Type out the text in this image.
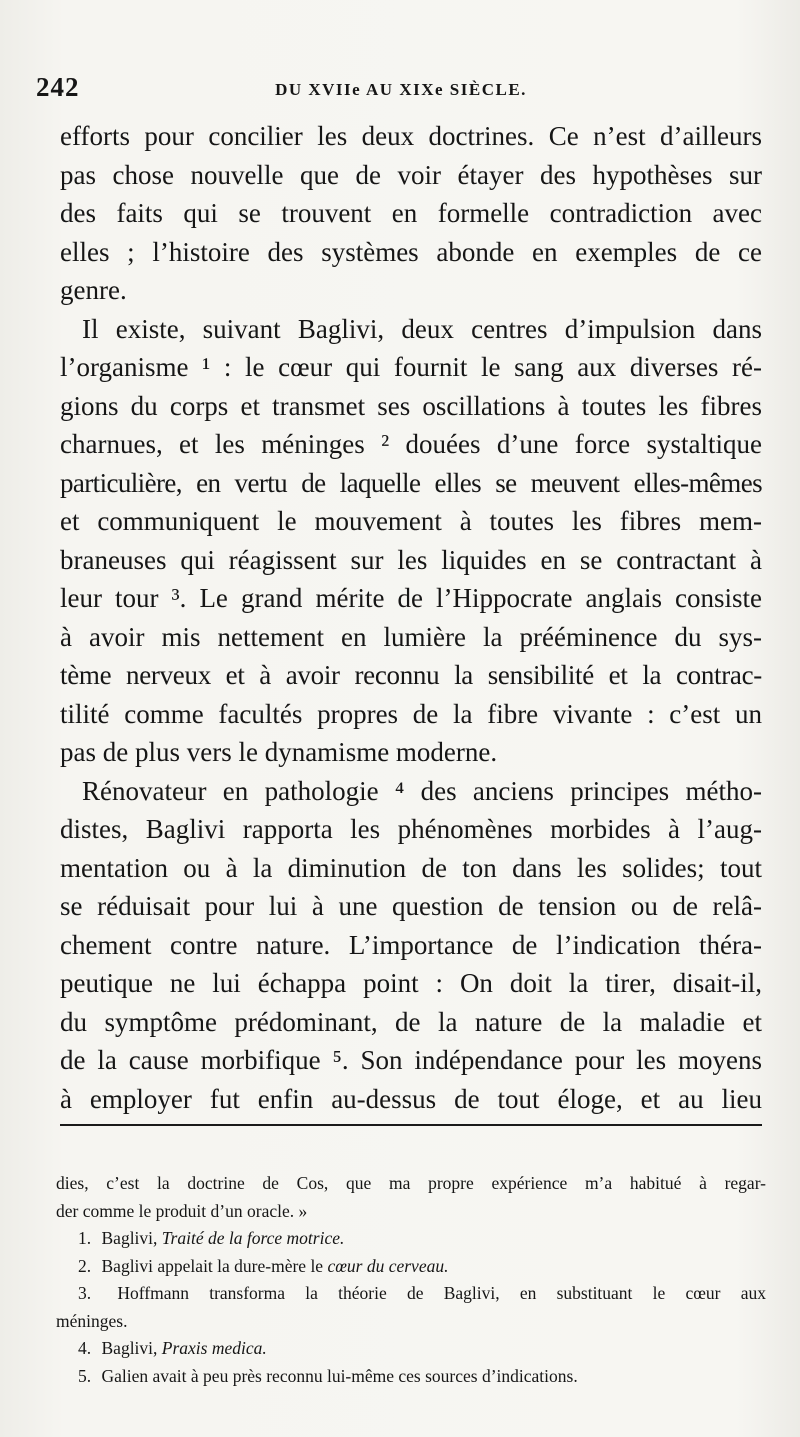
242	DU XVIIe AU XIXe SIÈCLE.
efforts pour concilier les deux doctrines. Ce n’est d’ailleurs
pas chose nouvelle que de voir étayer des hypothèses sur
des faits qui se trouvent en formelle contradiction avec
elles ; l’histoire des systèmes abonde en exemples de ce
genre.
Il existe, suivant Baglivi, deux centres d’impulsion dans
l’organisme ¹ : le cœur qui fournit le sang aux diverses ré-
gions du corps et transmet ses oscillations à toutes les fibres
charnues, et les méninges ² douées d’une force systaltique
particulière, en vertu de laquelle elles se meuvent elles-mêmes
et communiquent le mouvement à toutes les fibres mem-
braneuses qui réagissent sur les liquides en se contractant à
leur tour ³. Le grand mérite de l’Hippocrate anglais consiste
à avoir mis nettement en lumière la prééminence du sys-
tème nerveux et à avoir reconnu la sensibilité et la contrac-
tilité comme facultés propres de la fibre vivante : c’est un
pas de plus vers le dynamisme moderne.
Rénovateur en pathologie ⁴ des anciens principes métho-
distes, Baglivi rapporta les phénomènes morbides à l’aug-
mentation ou à la diminution de ton dans les solides; tout
se réduisait pour lui à une question de tension ou de relâ-
chement contre nature. L’importance de l’indication théra-
peutique ne lui échappa point : On doit la tirer, disait-il,
du symptôme prédominant, de la nature de la maladie et
de la cause morbifique ⁵. Son indépendance pour les moyens
à employer fut enfin au-dessus de tout éloge, et au lieu
dies, c’est la doctrine de Cos, que ma propre expérience m’a habitué à regar-
der comme le produit d’un oracle. »
1. Baglivi, Traité de la force motrice.
2. Baglivi appelait la dure-mère le cœur du cerveau.
3. Hoffmann transforma la théorie de Baglivi, en substituant le cœur aux
méninges.
4. Baglivi, Praxis medica.
5. Galien avait à peu près reconnu lui-même ces sources d’indications.
